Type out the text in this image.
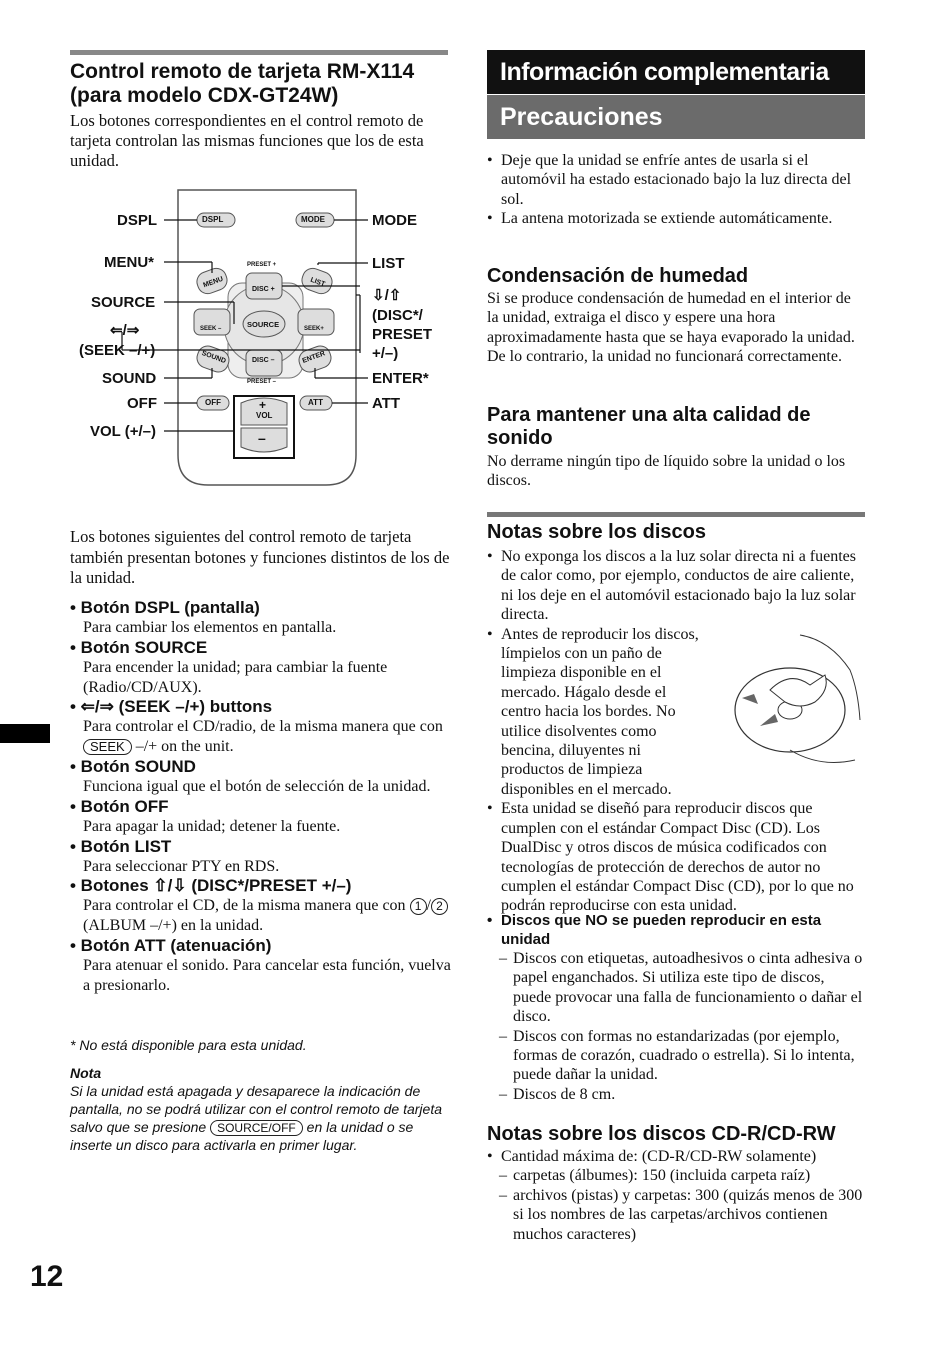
Control remoto de tarjeta RM-X114
(para modelo CDX-GT24W)
Los botones correspondientes en el control remoto de tarjeta controlan las mismas funciones que los de esta unidad.
DSPL	MODE
MENU	LIST
PRESET +
DISC +
DISC –
PRESET –
SOURCE
SEEK –	SEEK+
SOUND	ENTER
OFF	ATT
+
VOL
–
DSPL
MENU*
SOURCE
⇐/⇒
(SEEK –/+)
SOUND
OFF
VOL (+/–)
MODE
LIST
⇩/⇧
(DISC*/
PRESET
+/–)
ENTER*
ATT
Los botones siguientes del control remoto de tarjeta también presentan botones y funciones distintos de los de la unidad.
• Botón DSPL (pantalla)
Para cambiar los elementos en pantalla.
• Botón SOURCE
Para encender la unidad; para cambiar la fuente (Radio/CD/AUX).
• ⇐/⇒ (SEEK –/+) buttons
Para controlar el CD/radio, de la misma manera que con SEEK –/+ on the unit.
• Botón SOUND
Funciona igual que el botón de selección de la unidad.
• Botón OFF
Para apagar la unidad; detener la fuente.
• Botón LIST
Para seleccionar PTY en RDS.
• Botones ⇧/⇩ (DISC*/PRESET +/–)
Para controlar el CD, de la misma manera que con 1 / 2 (ALBUM –/+) en la unidad.
• Botón ATT (atenuación)
Para atenuar el sonido. Para cancelar esta función, vuelva a presionarlo.
* No está disponible para esta unidad.
Nota
Si la unidad está apagada y desaparece la indicación de pantalla, no se podrá utilizar con el control remoto de tarjeta salvo que se presione SOURCE/OFF en la unidad o se inserte un disco para activarla en primer lugar.
12
Información complementaria
Precauciones
• Deje que la unidad se enfríe antes de usarla si el automóvil ha estado estacionado bajo la luz directa del sol.
• La antena motorizada se extiende automáticamente.
Condensación de humedad
Si se produce condensación de humedad en el interior de la unidad, extraiga el disco y espere una hora aproximadamente hasta que se haya evaporado la unidad. De lo contrario, la unidad no funcionará correctamente.
Para mantener una alta calidad de sonido
No derrame ningún tipo de líquido sobre la unidad o los discos.
Notas sobre los discos
• No exponga los discos a la luz solar directa ni a fuentes de calor como, por ejemplo, conductos de aire caliente, ni los deje en el automóvil estacionado bajo la luz solar directa.
• Antes de reproducir los discos,
límpielos con un paño de
limpieza disponible en el
mercado. Hágalo desde el
centro hacia los bordes. No
utilice disolventes como
bencina, diluyentes ni
productos de limpieza
disponibles en el mercado.
• Esta unidad se diseñó para reproducir discos que cumplen con el estándar Compact Disc (CD). Los DualDisc y otros discos de música codificados con tecnologías de protección de derechos de autor no cumplen el estándar Compact Disc (CD), por lo que no podrán reproducirse con esta unidad.
• Discos que NO se pueden reproducir en esta unidad
– Discos con etiquetas, autoadhesivos o cinta adhesiva o papel enganchados. Si utiliza este tipo de discos, puede provocar una falla de funcionamiento o dañar el disco.
– Discos con formas no estandarizadas (por ejemplo, formas de corazón, cuadrado o estrella). Si lo intenta, puede dañar la unidad.
– Discos de 8 cm.
Notas sobre los discos CD-R/CD-RW
• Cantidad máxima de: (CD-R/CD-RW solamente)
– carpetas (álbumes): 150 (incluida carpeta raíz)
– archivos (pistas) y carpetas: 300 (quizás menos de 300 si los nombres de las carpetas/archivos contienen muchos caracteres)
